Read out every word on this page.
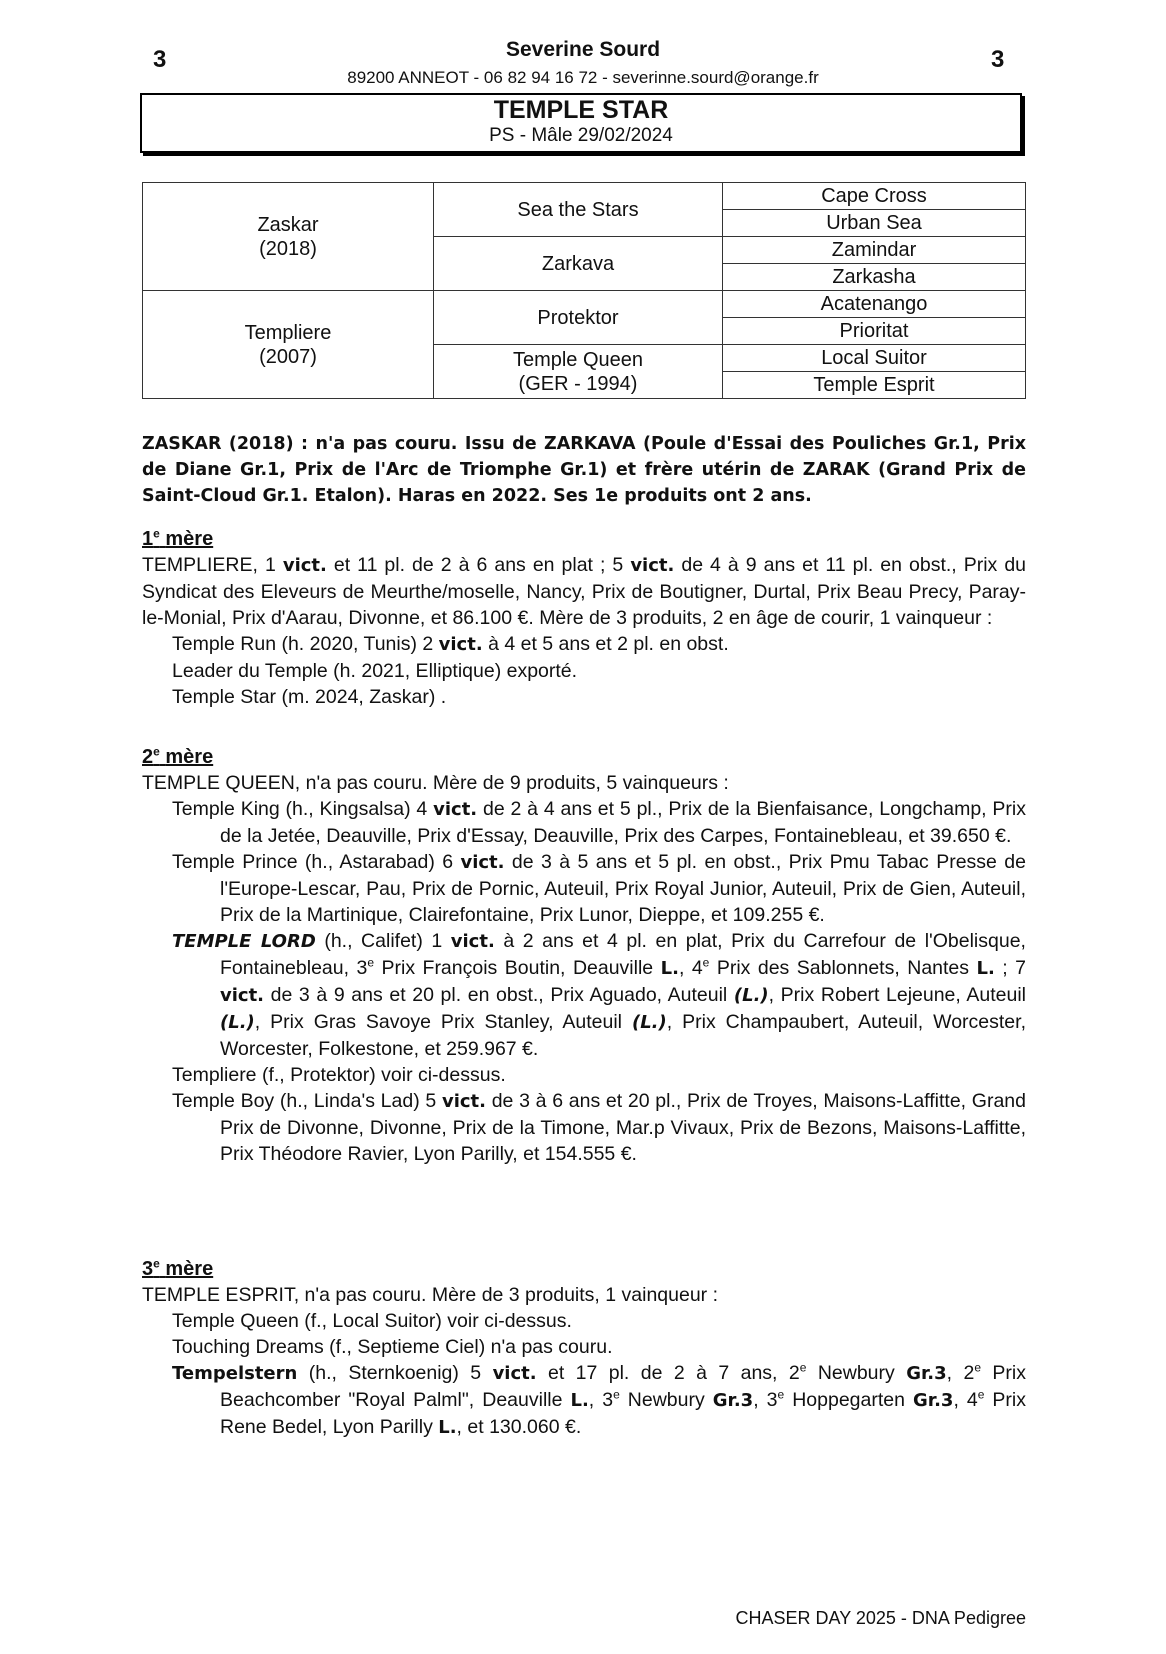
3	3
Severine Sourd
89200 ANNEOT - 06 82 94 16 72 - severinne.sourd@orange.fr
TEMPLE STAR
PS - Mâle 29/02/2024
Zaskar
(2018)	Sea the Stars	Cape Cross
		Urban Sea
	Zarkava	Zamindar
		Zarkasha
Templiere
(2007)	Protektor	Acatenango
		Prioritat
	Temple Queen
(GER - 1994)	Local Suitor
		Temple Esprit
ZASKAR (2018) : n'a pas couru. Issu de ZARKAVA (Poule d'Essai des Pouliches Gr.1, Prix de Diane Gr.1, Prix de l'Arc de Triomphe Gr.1) et frère utérin de ZARAK (Grand Prix de Saint-Cloud Gr.1. Etalon). Haras en 2022. Ses 1e produits ont 2 ans.
1e mère
TEMPLIERE, 1 vict. et 11 pl. de 2 à 6 ans en plat ; 5 vict. de 4 à 9 ans et 11 pl. en obst., Prix du Syndicat des Eleveurs de Meurthe/moselle, Nancy, Prix de Boutigner, Durtal, Prix Beau Precy, Paray-le-Monial, Prix d'Aarau, Divonne, et 86.100 €. Mère de 3 produits, 2 en âge de courir, 1 vainqueur :
Temple Run (h. 2020, Tunis) 2 vict. à 4 et 5 ans et 2 pl. en obst.
Leader du Temple (h. 2021, Elliptique) exporté.
Temple Star (m. 2024, Zaskar) .
2e mère
TEMPLE QUEEN, n'a pas couru. Mère de 9 produits, 5 vainqueurs :
Temple King (h., Kingsalsa) 4 vict. de 2 à 4 ans et 5 pl., Prix de la Bienfaisance, Longchamp, Prix de la Jetée, Deauville, Prix d'Essay, Deauville, Prix des Carpes, Fontainebleau, et 39.650 €.
Temple Prince (h., Astarabad) 6 vict. de 3 à 5 ans et 5 pl. en obst., Prix Pmu Tabac Presse de l'Europe-Lescar, Pau, Prix de Pornic, Auteuil, Prix Royal Junior, Auteuil, Prix de Gien, Auteuil, Prix de la Martinique, Clairefontaine, Prix Lunor, Dieppe, et 109.255 €.
TEMPLE LORD (h., Califet) 1 vict. à 2 ans et 4 pl. en plat, Prix du Carrefour de l'Obelisque, Fontainebleau, 3e Prix François Boutin, Deauville L., 4e Prix des Sablonnets, Nantes L. ; 7 vict. de 3 à 9 ans et 20 pl. en obst., Prix Aguado, Auteuil (L.), Prix Robert Lejeune, Auteuil (L.), Prix Gras Savoye Prix Stanley, Auteuil (L.), Prix Champaubert, Auteuil, Worcester, Worcester, Folkestone, et 259.967 €.
Templiere (f., Protektor) voir ci-dessus.
Temple Boy (h., Linda's Lad) 5 vict. de 3 à 6 ans et 20 pl., Prix de Troyes, Maisons-Laffitte, Grand Prix de Divonne, Divonne, Prix de la Timone, Mar.p Vivaux, Prix de Bezons, Maisons-Laffitte, Prix Théodore Ravier, Lyon Parilly, et 154.555 €.
3e mère
TEMPLE ESPRIT, n'a pas couru. Mère de 3 produits, 1 vainqueur :
Temple Queen (f., Local Suitor) voir ci-dessus.
Touching Dreams (f., Septieme Ciel) n'a pas couru.
Tempelstern (h., Sternkoenig) 5 vict. et 17 pl. de 2 à 7 ans, 2e Newbury Gr.3, 2e Prix Beachcomber "Royal Palml", Deauville L., 3e Newbury Gr.3, 3e Hoppegarten Gr.3, 4e Prix Rene Bedel, Lyon Parilly L., et 130.060 €.
CHASER DAY 2025 - DNA Pedigree
